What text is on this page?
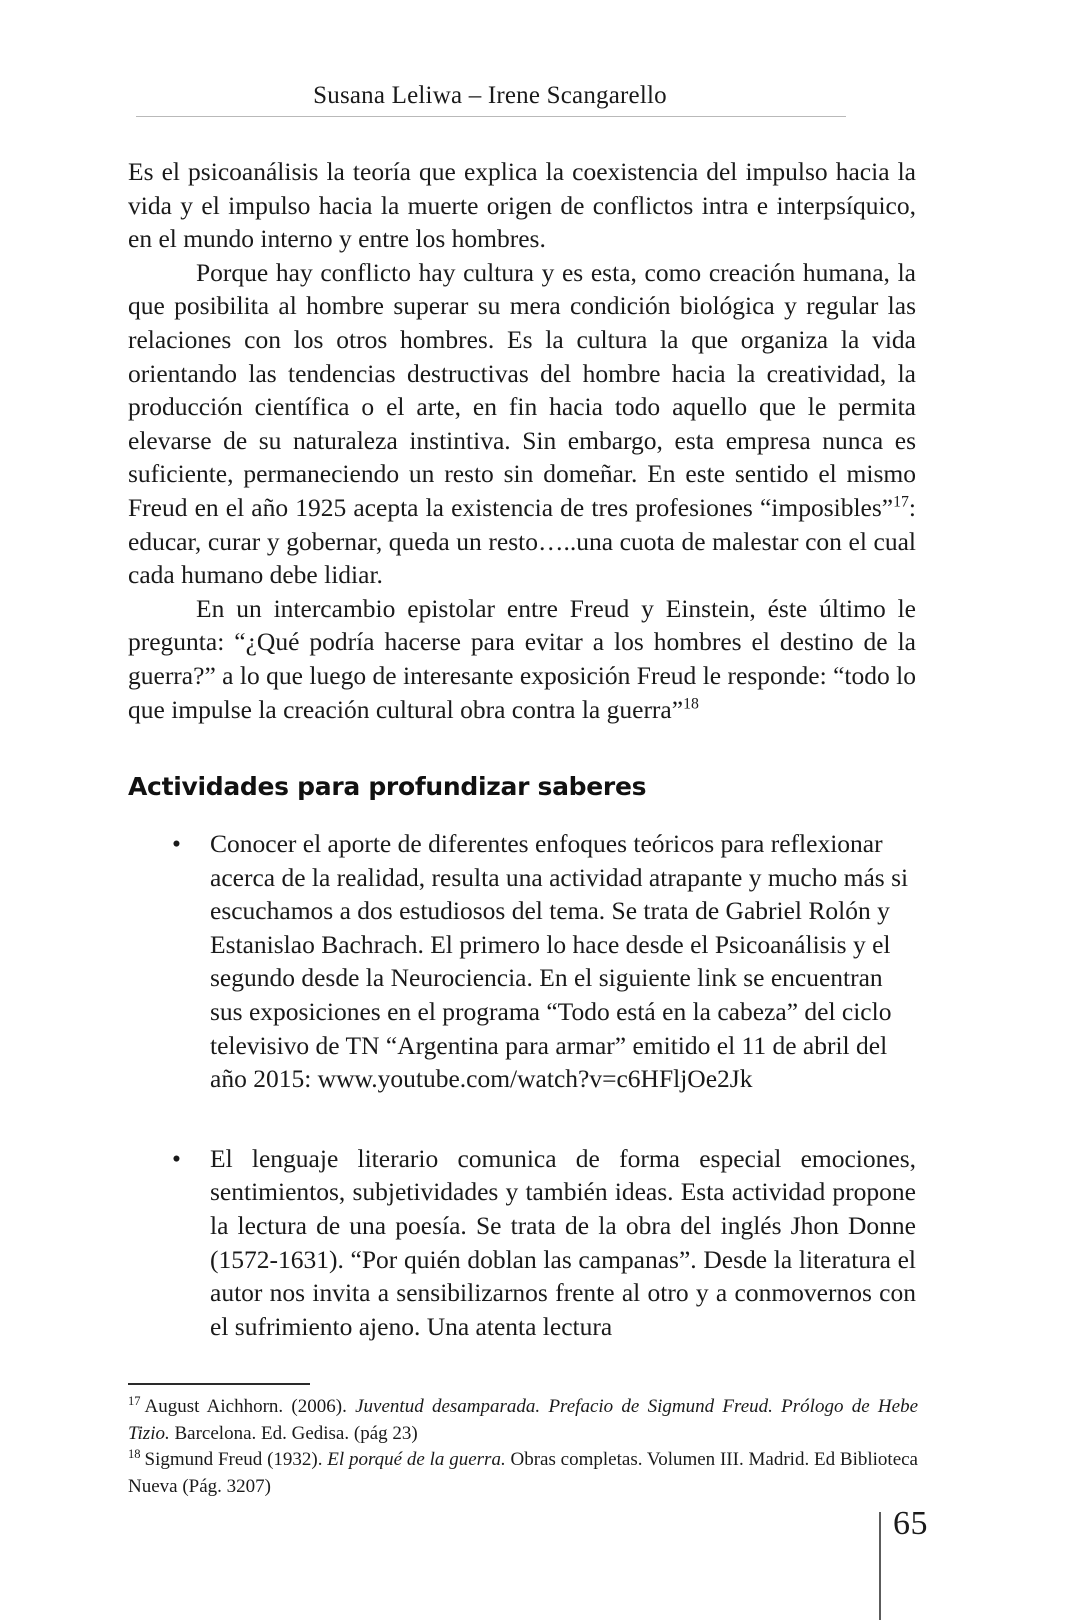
Susana Leliwa – Irene Scangarello

Es el psicoanálisis la teoría que explica la coexistencia del impulso hacia la vida y el impulso hacia la muerte origen de conflictos intra e interpsíquico, en el mundo interno y entre los hombres.

Porque hay conflicto hay cultura y es esta, como creación humana, la que posibilita al hombre superar su mera condición biológica y regular las relaciones con los otros hombres. Es la cultura la que organiza la vida orientando las tendencias destructivas del hombre hacia la creatividad, la producción científica o el arte, en fin hacia todo aquello que le permita elevarse de su naturaleza instintiva. Sin embargo, esta empresa nunca es suficiente, permaneciendo un resto sin domeñar. En este sentido el mismo Freud en el año 1925 acepta la existencia de tres profesiones “imposibles”$^{17}$: educar, curar y gobernar, queda un resto…..una cuota de malestar con el cual cada humano debe lidiar.

En un intercambio epistolar entre Freud y Einstein, éste último le pregunta: “¿Qué podría hacerse para evitar a los hombres el destino de la guerra?” a lo que luego de interesante exposición Freud le responde: “todo lo que impulse la creación cultural obra contra la guerra”$^{18}$

Actividades para profundizar saberes
• Conocer el aporte de diferentes enfoques teóricos para reflexionar acerca de la realidad, resulta una actividad atrapante y mucho más si escuchamos a dos estudiosos del tema. Se trata de Gabriel Rolón y Estanislao Bachrach. El primero lo hace desde el Psicoanálisis y el segundo desde la Neurociencia. En el siguiente link se encuentran sus exposiciones en el programa “Todo está en la cabeza” del ciclo televisivo de TN “Argentina para armar” emitido el 11 de abril del año 2015: www.youtube.com/watch?v=c6HFljOe2Jk
• El lenguaje literario comunica de forma especial emociones, sentimientos, subjetividades y también ideas. Esta actividad propone la lectura de una poesía. Se trata de la obra del inglés Jhon Donne (1572-1631). “Por quién doblan las campanas”. Desde la literatura el autor nos invita a sensibilizarnos frente al otro y a conmovernos con el sufrimiento ajeno. Una atenta lectura

$^{17}$ August Aichhorn. (2006). Juventud desamparada. Prefacio de Sigmund Freud. Prólogo de Hebe Tizio. Barcelona. Ed. Gedisa. (pág 23)

$^{18}$ Sigmund Freud (1932). El porqué de la guerra. Obras completas. Volumen III. Madrid. Ed Biblioteca Nueva (Pág. 3207)

65
